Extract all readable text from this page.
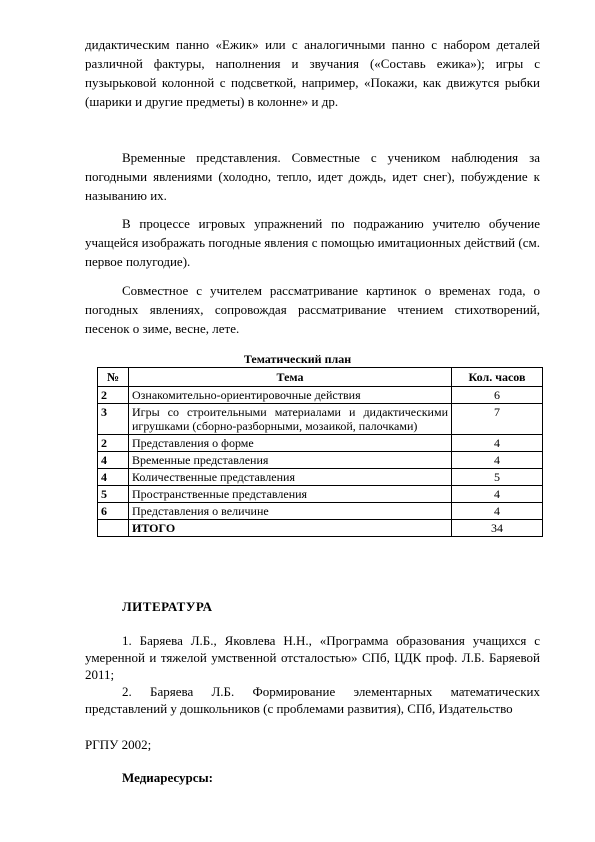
дидактическим панно «Ежик» или с аналогичными панно с набором деталей различной фактуры, наполнения и звучания («Составь ежика»); игры с пузырьковой колонной с подсветкой, например, «Покажи, как движутся рыбки (шарики и другие предметы) в колонне» и др.

Временные представления. Совместные с учеником наблюдения за погодными явлениями (холодно, тепло, идет дождь, идет снег), побуждение к называнию их.

В процессе игровых упражнений по подражанию учителю обучение учащейся изображать погодные явления с помощью имитационных действий (см. первое полугодие).

Совместное с учителем рассматривание картинок о временах года, о погодных явлениях, сопровождая рассматривание чтением стихотворений, песенок о зиме, весне, лете.

Тематический план
№	Тема	Кол. часов
2	Ознакомительно-ориентировочные действия	6
3	Игры со строительными материалами и дидактическими игрушками (сборно-разборными, мозаикой, палочками)	7
2	Представления о форме	4
4	Временные представления	4
4	Количественные представления	5
5	Пространственные представления	4
6	Представления о величине	4
	ИТОГО	34
ЛИТЕРАТУРА

1. Баряева Л.Б., Яковлева Н.Н., «Программа образования учащихся с умеренной и тяжелой умственной отсталостью» СПб, ЦДК проф. Л.Б. Баряевой 2011;

2. Баряева Л.Б. Формирование элементарных математических представлений у дошкольников (с проблемами развития), СПб, Издательство

РГПУ 2002;

Медиаресурсы:
